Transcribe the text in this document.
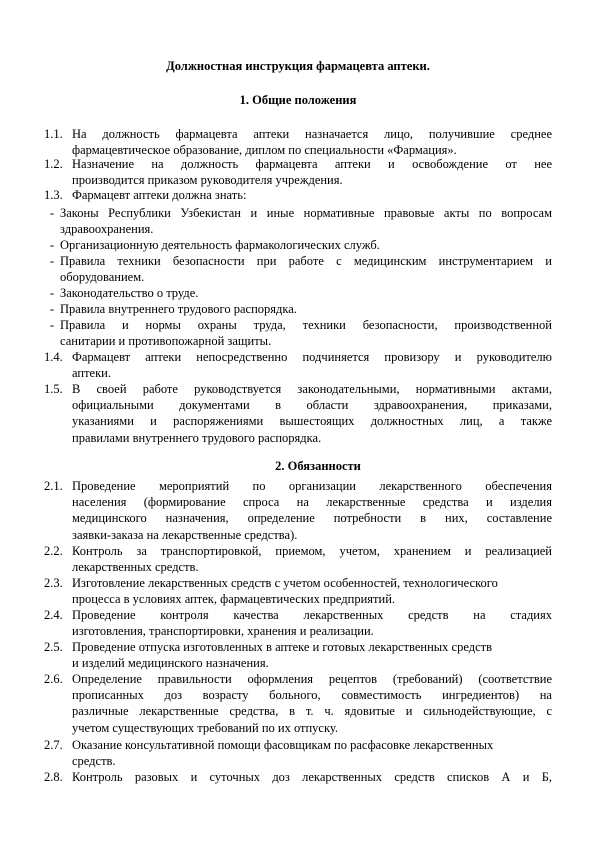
Должностная инструкция фармацевта аптеки.
1. Общие положения
2. Обязанности
1.1. На должность фармацевта аптеки назначается лицо, получившие среднее
фармацевтическое образование, диплом по специальности «Фармация».
1.2. Назначение на должность фармацевта аптеки и освобождение от нее
производится приказом руководителя учреждения.
1.3. Фармацевт аптеки должна знать:
- Законы Республики Узбекистан и иные нормативные правовые акты по вопросам
здравоохранения.
- Организационную деятельность фармакологических служб.
- Правила техники безопасности при работе с медицинским инструментарием и
оборудованием.
- Законодательство о труде.
- Правила внутреннего трудового распорядка.
- Правила и нормы охраны труда, техники безопасности, производственной
санитарии и противопожарной защиты.
1.4. Фармацевт аптеки непосредственно подчиняется провизору и руководителю
аптеки.
1.5. В своей работе руководствуется законодательными, нормативными актами,
официальными документами в области здравоохранения, приказами,
указаниями и распоряжениями вышестоящих должностных лиц, а также
правилами внутреннего трудового распорядка.
2.1. Проведение мероприятий по организации лекарственного обеспечения
населения (формирование спроса на лекарственные средства и изделия
медицинского назначения, определение потребности в них, составление
заявки-заказа на лекарственные средства).
2.2. Контроль за транспортировкой, приемом, учетом, хранением и реализацией
лекарственных средств.
2.3. Изготовление лекарственных средств с учетом особенностей, технологического
процесса в условиях аптек, фармацевтических предприятий.
2.4. Проведение контроля качества лекарственных средств на стадиях
изготовления, транспортировки, хранения и реализации.
2.5. Проведение отпуска изготовленных в аптеке и готовых лекарственных средств
и изделий медицинского назначения.
2.6. Определение правильности оформления рецептов (требований) (соответствие
прописанных доз возрасту больного, совместимость ингредиентов) на
различные лекарственные средства, в т. ч. ядовитые и сильнодействующие, с
учетом существующих требований по их отпуску.
2.7. Оказание консультативной помощи фасовщикам по расфасовке лекарственных
средств.
2.8. Контроль разовых и суточных доз лекарственных средств списков А и Б,
